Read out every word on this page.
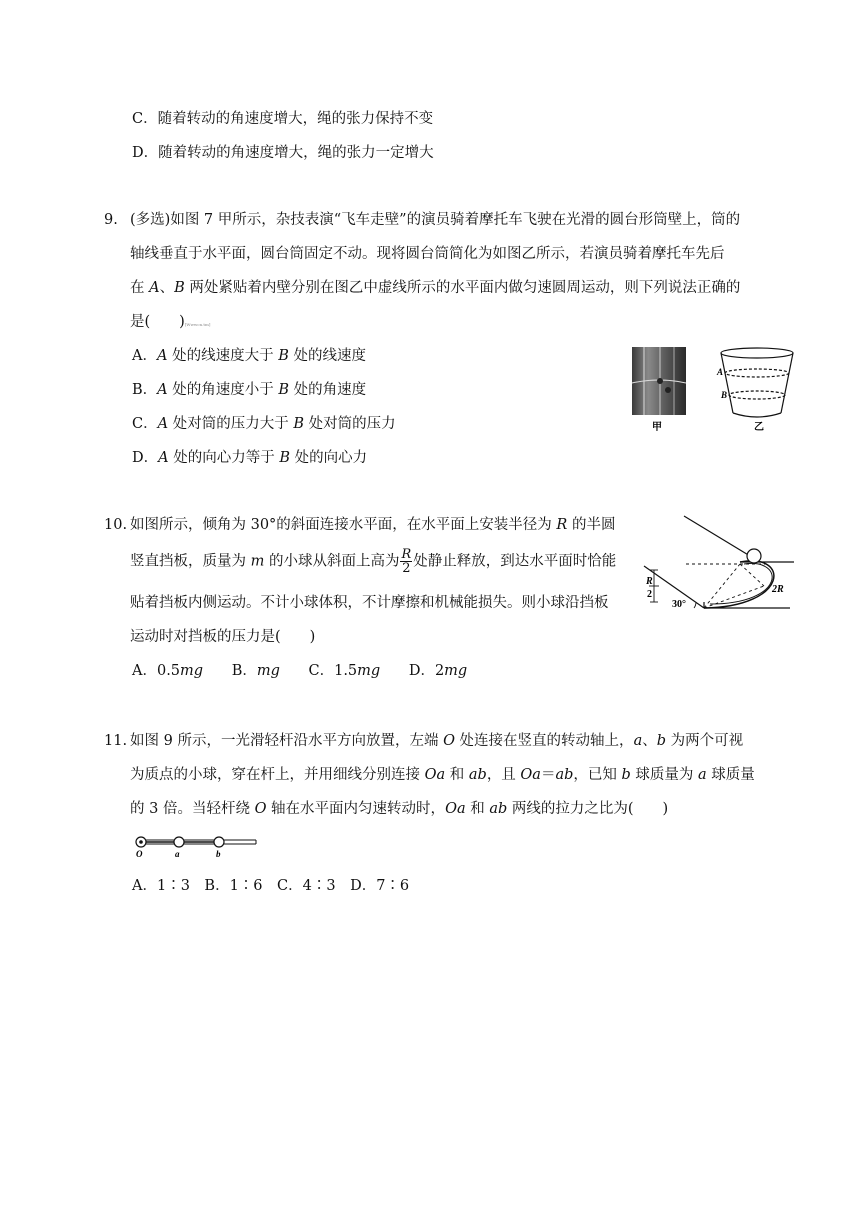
C．随着转动的角速度增大，绳的张力保持不变
D．随着转动的角速度增大，绳的张力一定增大
9. (多选)如图 7 甲所示，杂技表演“飞车走壁”的演员骑着摩托车飞驶在光滑的圆台形筒壁上，筒的
轴线垂直于水平面，圆台筒固定不动。现将圆台筒简化为如图乙所示，若演员骑着摩托车先后
在 A、B 两处紧贴着内壁分别在图乙中虚线所示的水平面内做匀速圆周运动，则下列说法正确的
是(　　)[Wwwcn.tm]
A．A 处的线速度大于 B 处的线速度
B．A 处的角速度小于 B 处的角速度
C．A 处对筒的压力大于 B 处对筒的压力
D．A 处的向心力等于 B 处的向心力
甲
A
B
乙
10. 如图所示，倾角为 30°的斜面连接水平面，在水平面上安装半径为 R 的半圆
竖直挡板，质量为 m 的小球从斜面上高为 $\frac{R}{2}$ 处静止释放，到达水平面时恰能
贴着挡板内侧运动。不计小球体积，不计摩擦和机械能损失。则小球沿挡板
运动时对挡板的压力是(　　)
A．0.5mg B．mg C．1.5mg D．2mg
R
2
30°
2R
11. 如图 9 所示，一光滑轻杆沿水平方向放置，左端 O 处连接在竖直的转动轴上，a、b 为两个可视
为质点的小球，穿在杆上，并用细线分别连接 Oa 和 ab，且 Oa＝ab，已知 b 球质量为 a 球质量
的 3 倍。当轻杆绕 O 轴在水平面内匀速转动时，Oa 和 ab 两线的拉力之比为(　　)
O	a	b
A．1∶3　B．1∶6　C．4∶3　D．7∶6
